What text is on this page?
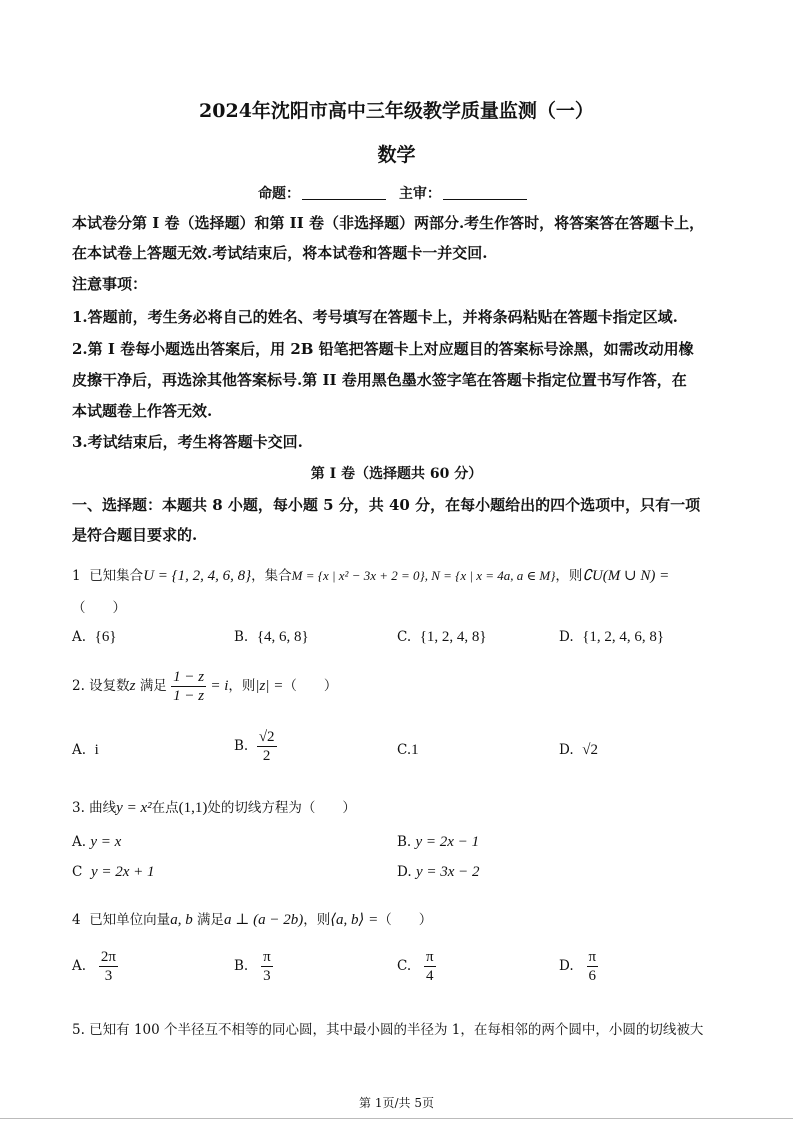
2024年沈阳市高中三年级教学质量监测（一）
数学
命题：	主审：
本试卷分第 I 卷（选择题）和第 II 卷（非选择题）两部分.考生作答时，将答案答在答题卡上，
在本试卷上答题无效.考试结束后，将本试卷和答题卡一并交回.
注意事项：
1.答题前，考生务必将自己的姓名、考号填写在答题卡上，并将条码粘贴在答题卡指定区域.
2.第 I 卷每小题选出答案后，用 2B 铅笔把答题卡上对应题目的答案标号涂黑，如需改动用橡
皮擦干净后，再选涂其他答案标号.第 II 卷用黑色墨水签字笔在答题卡指定位置书写作答，在
本试题卷上作答无效.
3.考试结束后，考生将答题卡交回.
第 I 卷（选择题共 60 分）
一、选择题：本题共 8 小题，每小题 5 分，共 40 分，在每小题给出的四个选项中，只有一项
是符合题目要求的.
1 已知集合U = {1, 2, 4, 6, 8}，集合M = {x | x² − 3x + 2 = 0}, N = {x | x = 4a, a ∈ M}，则∁U(M ∪ N) =
（　　）
A. {6}	B. {4, 6, 8}	C. {1, 2, 4, 8}	D. {1, 2, 4, 6, 8}
2. 设复数z 满足 $\frac{1 - z}{1 - z} = i$，则|z| =（　　）
A. i	B. $\frac{√2}{2}$	C.1	D. √2
3. 曲线y = x²在点(1,1)处的切线方程为（　　）
A. y = x	B. y = 2x − 1
C y = 2x + 1	D. y = 3x − 2
4 已知单位向量a, b 满足a ⊥ (a − 2b)，则⟨a, b⟩ =（　　）
A. $\frac{2\pi}{3}$	B. $\frac{\pi}{3}$	C. $\frac{\pi}{4}$	D. $\frac{\pi}{6}$
5. 已知有 100 个半径互不相等的同心圆，其中最小圆的半径为 1，在每相邻的两个圆中，小圆的切线被大
第 1页/共 5页
